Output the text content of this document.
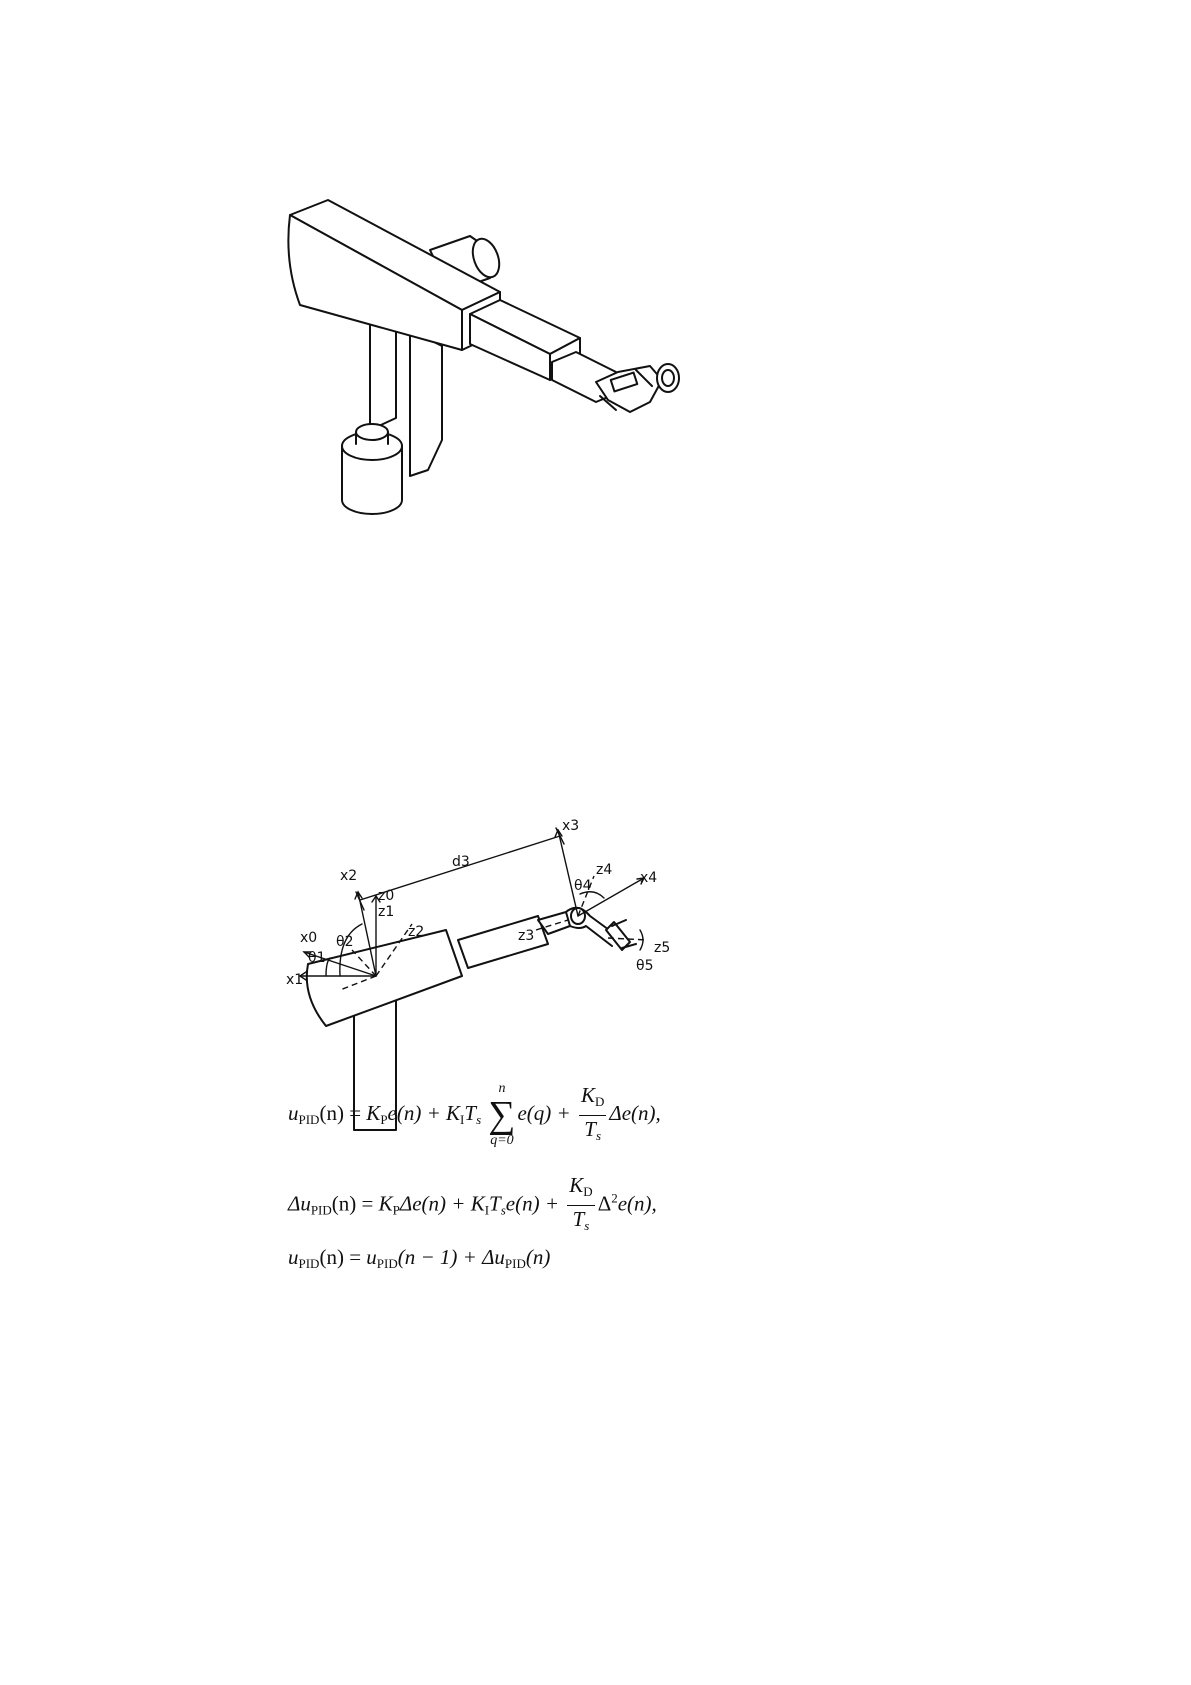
x2
z0
z1
z2
x0 θ2
θ1
x1
d3
x3
z4
θ4	x4
z3
z5
θ5
$u_{PID}(n) = K_Pe(n) + K_IT_s$
n
∑
q=0
$e(q) + \frac{K_D}{T_s} \Delta e(n)$,
$\Delta u_{PID}(n) = K_P\Delta e(n) + K_IT_se(n) + \frac{K_D}{T_s} \Delta^2e(n)$,
$u_{PID}(n) = u_{PID}(n - 1) + \Delta u_{PID}(n)$
